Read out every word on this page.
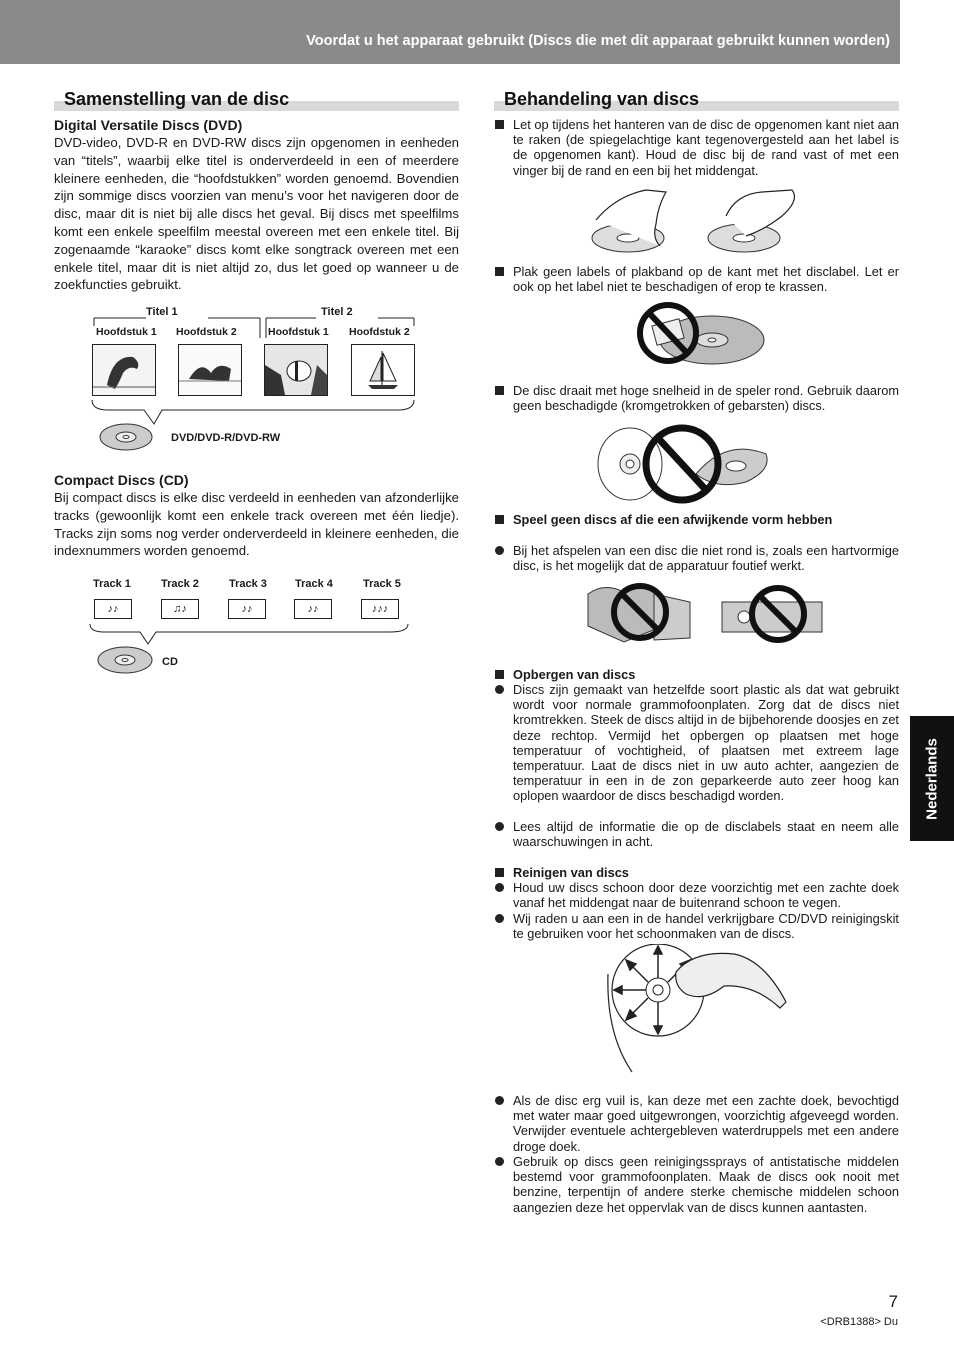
Voordat u het apparaat gebruikt (Discs die met dit apparaat gebruikt kunnen worden)
Samenstelling van de disc
Digital Versatile Discs (DVD)

DVD-video, DVD-R en DVD-RW discs zijn opgenomen in eenheden van “titels”, waarbij elke titel is onderverdeeld in een of meerdere kleinere eenheden, die “hoofdstukken” worden genoemd. Bovendien zijn sommige discs voorzien van menu’s voor het navigeren door de disc, maar dit is niet bij alle discs het geval. Bij discs met speelfilms komt een enkele speelfilm meestal overeen met een enkele titel. Bij zogenaamde “karaoke” discs komt elke songtrack overeen met een enkele titel, maar dit is niet altijd zo, dus let goed op wanneer u de zoekfuncties gebruikt.

Titel 1	Titel 2
Hoofdstuk 1 Hoofdstuk 2	Hoofdstuk 1 Hoofdstuk 2
DVD/DVD-R/DVD-RW
Compact Discs (CD)

Bij compact discs is elke disc verdeeld in eenheden van afzonderlijke tracks (gewoonlijk komt een enkele track overeen met één liedje). Tracks zijn soms nog verder onderverdeeld in kleinere eenheden, die indexnummers worden genoemd.

Track 1	Track 2	Track 3	Track 4	Track 5
♪♪	♫♪	♪♪	♪♪	♪♪♪
CD
Behandeling van discs
Let op tijdens het hanteren van de disc de opgenomen kant niet aan te raken (de spiegelachtige kant tegenovergesteld aan het label is de opgenomen kant). Houd de disc bij de rand vast of met een vinger bij de rand en een bij het middengat.
Plak geen labels of plakband op de kant met het disclabel. Let er ook op het label niet te beschadigen of erop te krassen.
De disc draait met hoge snelheid in de speler rond. Gebruik daarom geen beschadigde (kromgetrokken of gebarsten) discs.
Speel geen discs af die een afwijkende vorm hebben
Bij het afspelen van een disc die niet rond is, zoals een hartvormige disc, is het mogelijk dat de apparatuur foutief werkt.
Opbergen van discs
Discs zijn gemaakt van hetzelfde soort plastic als dat wat gebruikt wordt voor normale grammofoonplaten. Zorg dat de discs niet kromtrekken. Steek de discs altijd in de bijbehorende doosjes en zet deze rechtop. Vermijd het opbergen op plaatsen met hoge temperatuur of vochtigheid, of plaatsen met extreem lage temperatuur. Laat de discs niet in uw auto achter, aangezien de temperatuur in een in de zon geparkeerde auto zeer hoog kan oplopen waardoor de discs beschadigd worden.
Lees altijd de informatie die op de disclabels staat en neem alle waarschuwingen in acht.
Reinigen van discs
Houd uw discs schoon door deze voorzichtig met een zachte doek vanaf het middengat naar de buitenrand schoon te vegen.
Wij raden u aan een in de handel verkrijgbare CD/DVD reinigingskit te gebruiken voor het schoonmaken van de discs.
Als de disc erg vuil is, kan deze met een zachte doek, bevochtigd met water maar goed uitgewrongen, voorzichtig afgeveegd worden. Verwijder eventuele achtergebleven waterdruppels met een andere droge doek.
Gebruik op discs geen reinigingssprays of antistatische middelen bestemd voor grammofoonplaten. Maak de discs ook nooit met benzine, terpentijn of andere sterke chemische middelen schoon aangezien deze het oppervlak van de discs kunnen aantasten.
Nederlands
7
<DRB1388> Du
